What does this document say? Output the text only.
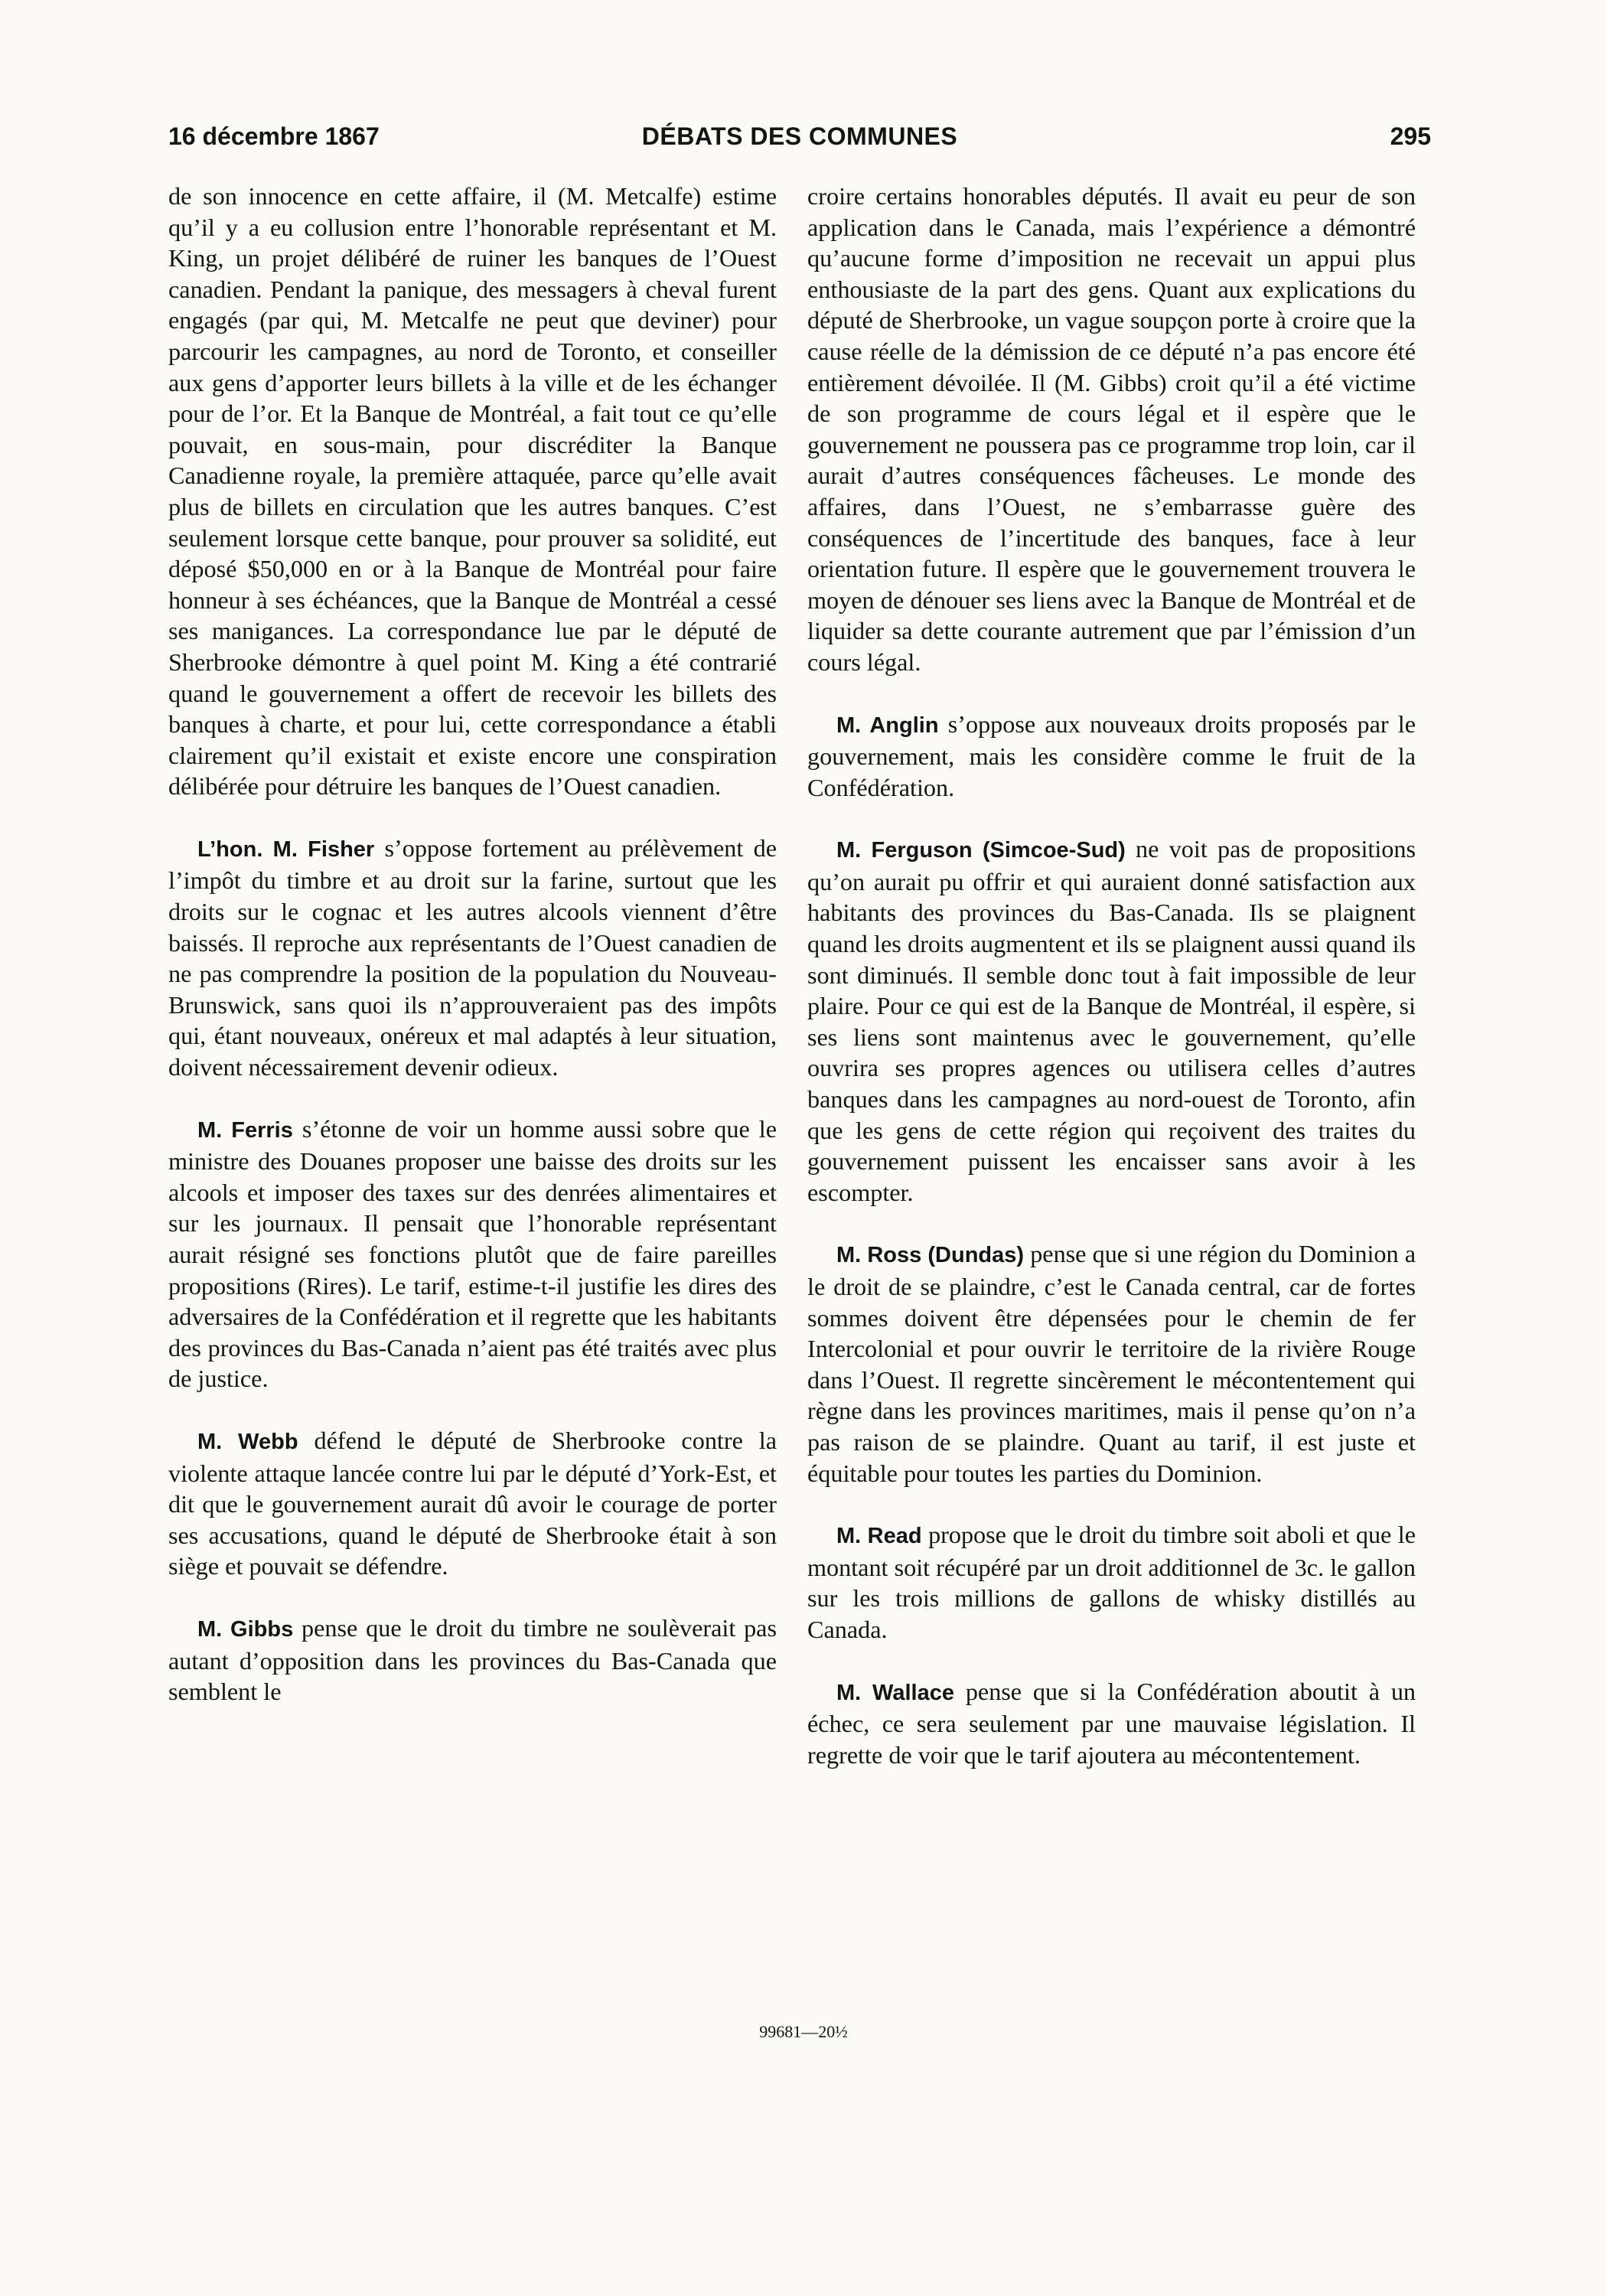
16 décembre 1867	DÉBATS DES COMMUNES	295

de son innocence en cette affaire, il (M. Metcalfe) estime qu’il y a eu collusion entre l’honorable représentant et M. King, un projet délibéré de ruiner les banques de l’Ouest canadien. Pendant la panique, des messagers à cheval furent engagés (par qui, M. Metcalfe ne peut que deviner) pour parcourir les campagnes, au nord de Toronto, et conseiller aux gens d’apporter leurs billets à la ville et de les échanger pour de l’or. Et la Banque de Montréal, a fait tout ce qu’elle pouvait, en sous-main, pour discréditer la Banque Canadienne royale, la première attaquée, parce qu’elle avait plus de billets en circulation que les autres banques. C’est seulement lorsque cette banque, pour prouver sa solidité, eut déposé $50,000 en or à la Banque de Montréal pour faire honneur à ses échéances, que la Banque de Montréal a cessé ses manigances. La correspondance lue par le député de Sherbrooke démontre à quel point M. King a été contrarié quand le gouvernement a offert de recevoir les billets des banques à charte, et pour lui, cette correspondance a établi clairement qu’il existait et existe encore une conspiration délibérée pour détruire les banques de l’Ouest canadien.

L’hon. M. Fisher s’oppose fortement au prélèvement de l’impôt du timbre et au droit sur la farine, surtout que les droits sur le cognac et les autres alcools viennent d’être baissés. Il reproche aux représentants de l’Ouest canadien de ne pas comprendre la position de la population du Nouveau-Brunswick, sans quoi ils n’approuveraient pas des impôts qui, étant nouveaux, onéreux et mal adaptés à leur situation, doivent nécessairement devenir odieux.

M. Ferris s’étonne de voir un homme aussi sobre que le ministre des Douanes proposer une baisse des droits sur les alcools et imposer des taxes sur des denrées alimentaires et sur les journaux. Il pensait que l’honorable représentant aurait résigné ses fonctions plutôt que de faire pareilles propositions (Rires). Le tarif, estime-t-il justifie les dires des adversaires de la Confédération et il regrette que les habitants des provinces du Bas-Canada n’aient pas été traités avec plus de justice.

M. Webb défend le député de Sherbrooke contre la violente attaque lancée contre lui par le député d’York-Est, et dit que le gouvernement aurait dû avoir le courage de porter ses accusations, quand le député de Sherbrooke était à son siège et pouvait se défendre.

M. Gibbs pense que le droit du timbre ne soulèverait pas autant d’opposition dans les provinces du Bas-Canada que semblent le

croire certains honorables députés. Il avait eu peur de son application dans le Canada, mais l’expérience a démontré qu’aucune forme d’imposition ne recevait un appui plus enthousiaste de la part des gens. Quant aux explications du député de Sherbrooke, un vague soupçon porte à croire que la cause réelle de la démission de ce député n’a pas encore été entièrement dévoilée. Il (M. Gibbs) croit qu’il a été victime de son programme de cours légal et il espère que le gouvernement ne poussera pas ce programme trop loin, car il aurait d’autres conséquences fâcheuses. Le monde des affaires, dans l’Ouest, ne s’embarrasse guère des conséquences de l’incertitude des banques, face à leur orientation future. Il espère que le gouvernement trouvera le moyen de dénouer ses liens avec la Banque de Montréal et de liquider sa dette courante autrement que par l’émission d’un cours légal.

M. Anglin s’oppose aux nouveaux droits proposés par le gouvernement, mais les considère comme le fruit de la Confédération.

M. Ferguson (Simcoe-Sud) ne voit pas de propositions qu’on aurait pu offrir et qui auraient donné satisfaction aux habitants des provinces du Bas-Canada. Ils se plaignent quand les droits augmentent et ils se plaignent aussi quand ils sont diminués. Il semble donc tout à fait impossible de leur plaire. Pour ce qui est de la Banque de Montréal, il espère, si ses liens sont maintenus avec le gouvernement, qu’elle ouvrira ses propres agences ou utilisera celles d’autres banques dans les campagnes au nord-ouest de Toronto, afin que les gens de cette région qui reçoivent des traites du gouvernement puissent les encaisser sans avoir à les escompter.

M. Ross (Dundas) pense que si une région du Dominion a le droit de se plaindre, c’est le Canada central, car de fortes sommes doivent être dépensées pour le chemin de fer Intercolonial et pour ouvrir le territoire de la rivière Rouge dans l’Ouest. Il regrette sincèrement le mécontentement qui règne dans les provinces maritimes, mais il pense qu’on n’a pas raison de se plaindre. Quant au tarif, il est juste et équitable pour toutes les parties du Dominion.

M. Read propose que le droit du timbre soit aboli et que le montant soit récupéré par un droit additionnel de 3c. le gallon sur les trois millions de gallons de whisky distillés au Canada.

M. Wallace pense que si la Confédération aboutit à un échec, ce sera seulement par une mauvaise législation. Il regrette de voir que le tarif ajoutera au mécontentement.

99681—20½
